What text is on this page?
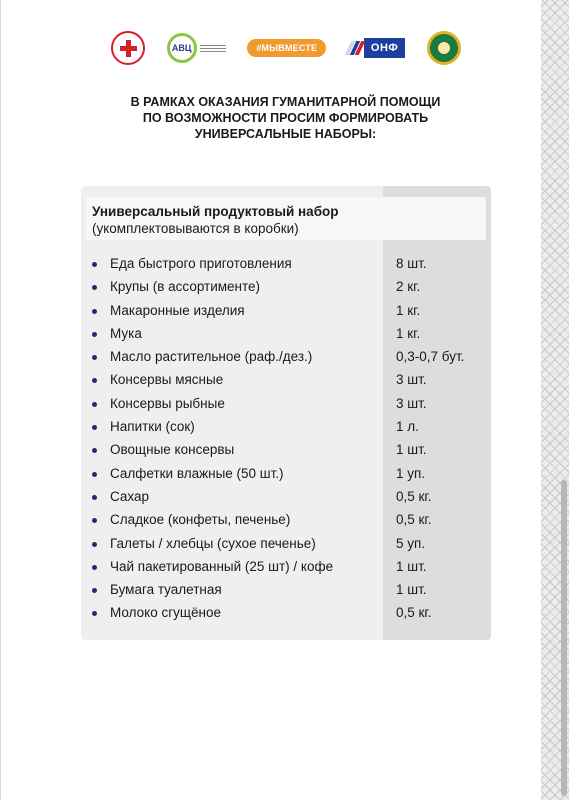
АВЦ	#МЫВМЕСТЕ	ОНФ
В РАМКАХ ОКАЗАНИЯ ГУМАНИТАРНОЙ ПОМОЩИ
ПО ВОЗМОЖНОСТИ ПРОСИМ ФОРМИРОВАТЬ
УНИВЕРСАЛЬНЫЕ НАБОРЫ:
Универсальный продуктовый набор
(укомплектовываются в коробки)
Еда быстрого приготовления	8 шт.
Крупы (в ассортименте)	2 кг.
Макаронные изделия	1 кг.
Мука	1 кг.
Масло растительное (раф./дез.)	0,3-0,7 бут.
Консервы мясные	3 шт.
Консервы рыбные	3 шт.
Напитки (сок)	1 л.
Овощные консервы	1 шт.
Салфетки влажные (50 шт.)	1 уп.
Сахар	0,5 кг.
Сладкое (конфеты, печенье)	0,5 кг.
Галеты / хлебцы (сухое печенье)	5 уп.
Чай пакетированный (25 шт) / кофе	1 шт.
Бумага туалетная	1 шт.
Молоко сгущёное	0,5 кг.
